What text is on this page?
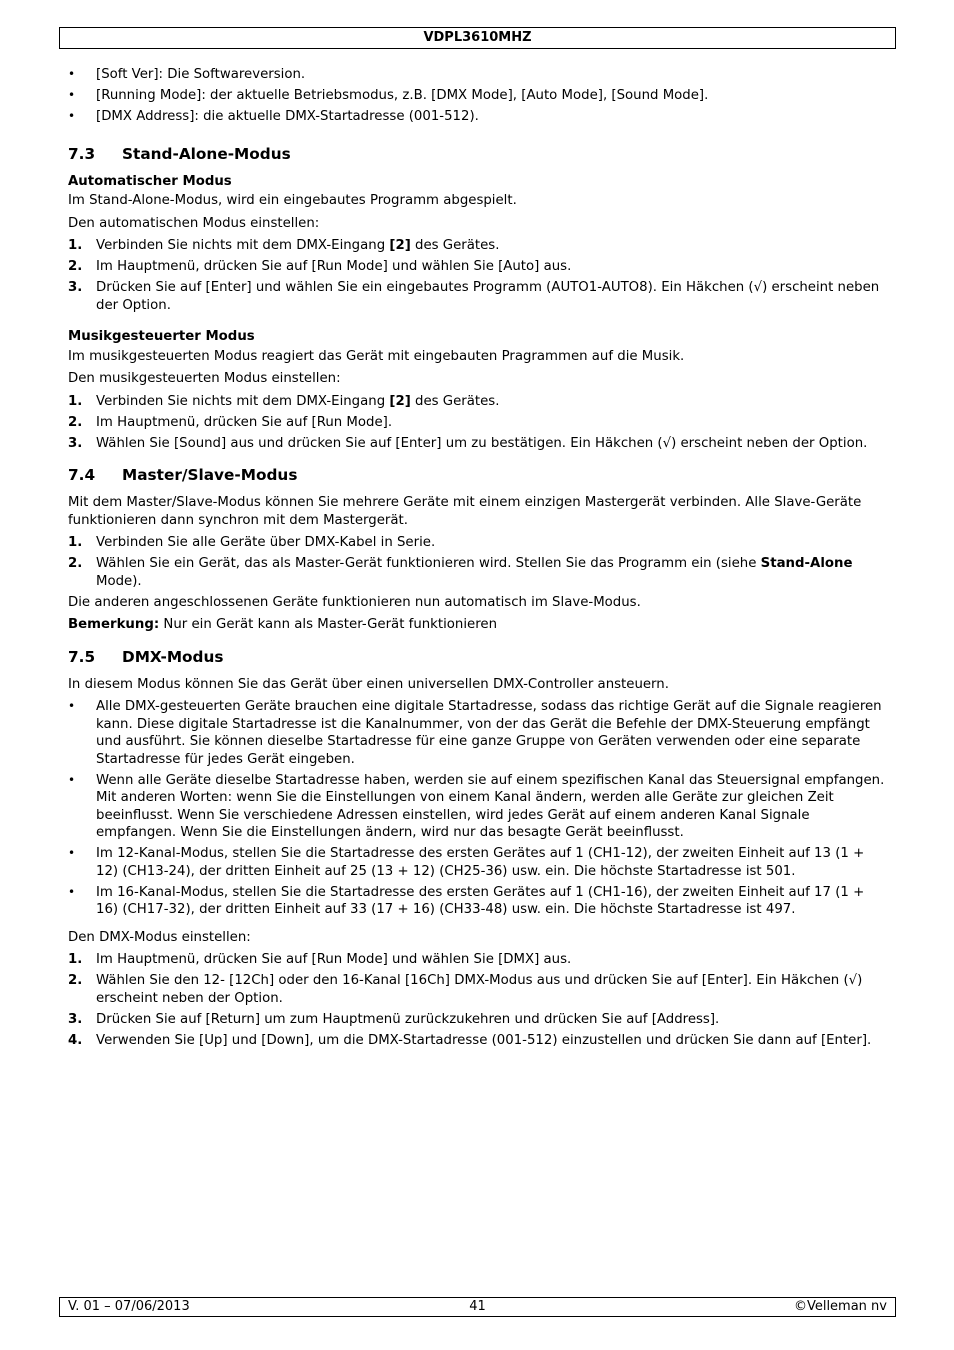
VDPL3610MHZ
• [Soft Ver]: Die Softwareversion.
• [Running Mode]: der aktuelle Betriebsmodus, z.B. [DMX Mode], [Auto Mode], [Sound Mode].
• [DMX Address]: die aktuelle DMX-Startadresse (001-512).
7.3 Stand-Alone-Modus
Automatischer Modus

Im Stand-Alone-Modus, wird ein eingebautes Programm abgespielt.

Den automatischen Modus einstellen:

1. Verbinden Sie nichts mit dem DMX-Eingang [2] des Gerätes.
2. Im Hauptmenü, drücken Sie auf [Run Mode] und wählen Sie [Auto] aus.
3. Drücken Sie auf [Enter] und wählen Sie ein eingebautes Programm (AUTO1-AUTO8). Ein Häkchen (√) erscheint neben der Option.
Musikgesteuerter Modus

Im musikgesteuerten Modus reagiert das Gerät mit eingebauten Pragrammen auf die Musik.

Den musikgesteuerten Modus einstellen:

1. Verbinden Sie nichts mit dem DMX-Eingang [2] des Gerätes.
2. Im Hauptmenü, drücken Sie auf [Run Mode].
3. Wählen Sie [Sound] aus und drücken Sie auf [Enter] um zu bestätigen. Ein Häkchen (√) erscheint neben der Option.
7.4 Master/Slave-Modus

Mit dem Master/Slave-Modus können Sie mehrere Geräte mit einem einzigen Mastergerät verbinden. Alle Slave-Geräte funktionieren dann synchron mit dem Mastergerät.

1. Verbinden Sie alle Geräte über DMX-Kabel in Serie.
2. Wählen Sie ein Gerät, das als Master-Gerät funktionieren wird. Stellen Sie das Programm ein (siehe Stand-Alone Mode).

Die anderen angeschlossenen Geräte funktionieren nun automatisch im Slave-Modus.

Bemerkung: Nur ein Gerät kann als Master-Gerät funktionieren

7.5 DMX-Modus

In diesem Modus können Sie das Gerät über einen universellen DMX-Controller ansteuern.

• Alle DMX-gesteuerten Geräte brauchen eine digitale Startadresse, sodass das richtige Gerät auf die Signale reagieren kann. Diese digitale Startadresse ist die Kanalnummer, von der das Gerät die Befehle der DMX-Steuerung empfängt und ausführt. Sie können dieselbe Startadresse für eine ganze Gruppe von Geräten verwenden oder eine separate Startadresse für jedes Gerät eingeben.
• Wenn alle Geräte dieselbe Startadresse haben, werden sie auf einem spezifischen Kanal das Steuersignal empfangen. Mit anderen Worten: wenn Sie die Einstellungen von einem Kanal ändern, werden alle Geräte zur gleichen Zeit beeinflusst. Wenn Sie verschiedene Adressen einstellen, wird jedes Gerät auf einem anderen Kanal Signale empfangen. Wenn Sie die Einstellungen ändern, wird nur das besagte Gerät beeinflusst.
• Im 12-Kanal-Modus, stellen Sie die Startadresse des ersten Gerätes auf 1 (CH1-12), der zweiten Einheit auf 13 (1 + 12) (CH13-24), der dritten Einheit auf 25 (13 + 12) (CH25-36) usw. ein. Die höchste Startadresse ist 501.
• Im 16-Kanal-Modus, stellen Sie die Startadresse des ersten Gerätes auf 1 (CH1-16), der zweiten Einheit auf 17 (1 + 16) (CH17-32), der dritten Einheit auf 33 (17 + 16) (CH33-48) usw. ein. Die höchste Startadresse ist 497.

Den DMX-Modus einstellen:

1. Im Hauptmenü, drücken Sie auf [Run Mode] und wählen Sie [DMX] aus.
2. Wählen Sie den 12- [12Ch] oder den 16-Kanal [16Ch] DMX-Modus aus und drücken Sie auf [Enter]. Ein Häkchen (√) erscheint neben der Option.
3. Drücken Sie auf [Return] um zum Hauptmenü zurückzukehren und drücken Sie auf [Address].
4. Verwenden Sie [Up] und [Down], um die DMX-Startadresse (001-512) einzustellen und drücken Sie dann auf [Enter].
V. 01 – 07/06/2013	41	©Velleman nv
